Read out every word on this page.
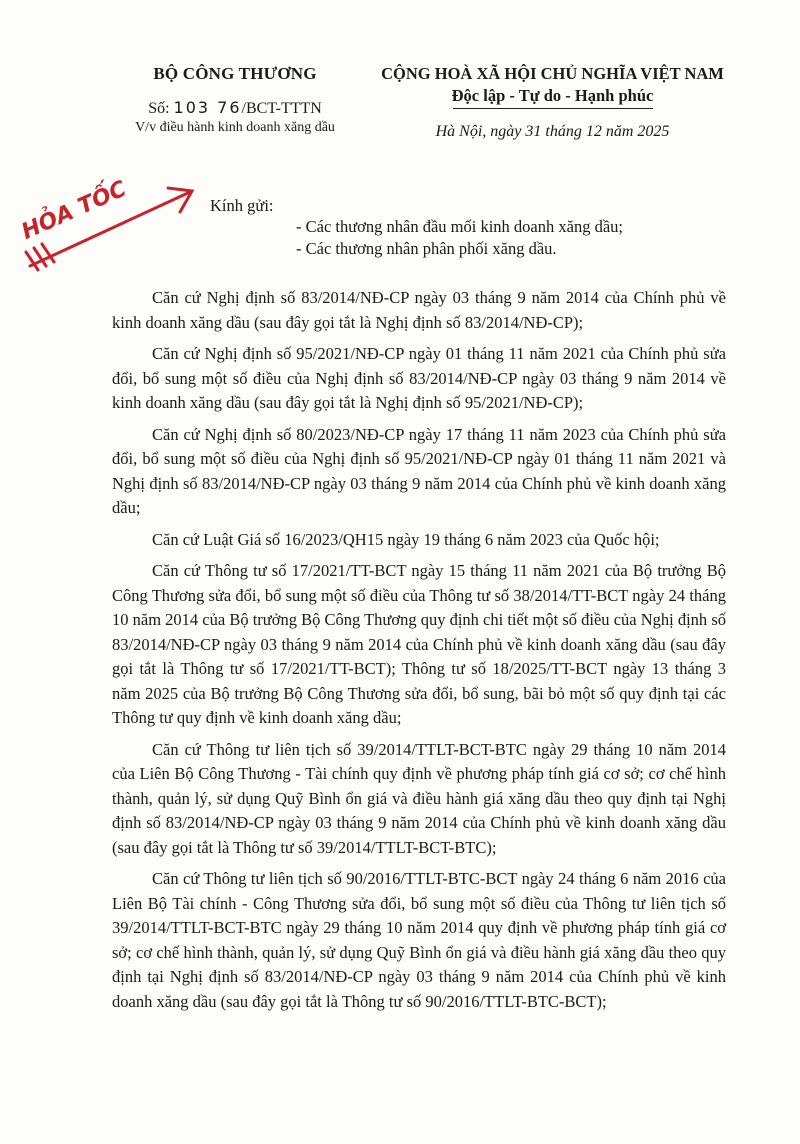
BỘ CÔNG THƯƠNG
Số: 103 76/BCT-TTTN
V/v điều hành kinh doanh xăng dầu
CỘNG HOÀ XÃ HỘI CHỦ NGHĨA VIỆT NAM
Độc lập - Tự do - Hạnh phúc
Hà Nội, ngày 31 tháng 12 năm 2025
HỎA TỐC	Kính gửi:
- Các thương nhân đầu mối kinh doanh xăng dầu;
- Các thương nhân phân phối xăng dầu.

Căn cứ Nghị định số 83/2014/NĐ-CP ngày 03 tháng 9 năm 2014 của Chính phủ về kinh doanh xăng dầu (sau đây gọi tắt là Nghị định số 83/2014/NĐ-CP);

Căn cứ Nghị định số 95/2021/NĐ-CP ngày 01 tháng 11 năm 2021 của Chính phủ sửa đổi, bổ sung một số điều của Nghị định số 83/2014/NĐ-CP ngày 03 tháng 9 năm 2014 về kinh doanh xăng dầu (sau đây gọi tắt là Nghị định số 95/2021/NĐ-CP);

Căn cứ Nghị định số 80/2023/NĐ-CP ngày 17 tháng 11 năm 2023 của Chính phủ sửa đổi, bổ sung một số điều của Nghị định số 95/2021/NĐ-CP ngày 01 tháng 11 năm 2021 và Nghị định số 83/2014/NĐ-CP ngày 03 tháng 9 năm 2014 của Chính phủ về kinh doanh xăng dầu;

Căn cứ Luật Giá số 16/2023/QH15 ngày 19 tháng 6 năm 2023 của Quốc hội;

Căn cứ Thông tư số 17/2021/TT-BCT ngày 15 tháng 11 năm 2021 của Bộ trưởng Bộ Công Thương sửa đổi, bổ sung một số điều của Thông tư số 38/2014/TT-BCT ngày 24 tháng 10 năm 2014 của Bộ trưởng Bộ Công Thương quy định chi tiết một số điều của Nghị định số 83/2014/NĐ-CP ngày 03 tháng 9 năm 2014 của Chính phủ về kinh doanh xăng dầu (sau đây gọi tắt là Thông tư số 17/2021/TT-BCT); Thông tư số 18/2025/TT-BCT ngày 13 tháng 3 năm 2025 của Bộ trưởng Bộ Công Thương sửa đổi, bổ sung, bãi bỏ một số quy định tại các Thông tư quy định về kinh doanh xăng dầu;

Căn cứ Thông tư liên tịch số 39/2014/TTLT-BCT-BTC ngày 29 tháng 10 năm 2014 của Liên Bộ Công Thương - Tài chính quy định về phương pháp tính giá cơ sở; cơ chế hình thành, quản lý, sử dụng Quỹ Bình ổn giá và điều hành giá xăng dầu theo quy định tại Nghị định số 83/2014/NĐ-CP ngày 03 tháng 9 năm 2014 của Chính phủ về kinh doanh xăng dầu (sau đây gọi tắt là Thông tư số 39/2014/TTLT-BCT-BTC);

Căn cứ Thông tư liên tịch số 90/2016/TTLT-BTC-BCT ngày 24 tháng 6 năm 2016 của Liên Bộ Tài chính - Công Thương sửa đổi, bổ sung một số điều của Thông tư liên tịch số 39/2014/TTLT-BCT-BTC ngày 29 tháng 10 năm 2014 quy định về phương pháp tính giá cơ sở; cơ chế hình thành, quản lý, sử dụng Quỹ Bình ổn giá và điều hành giá xăng dầu theo quy định tại Nghị định số 83/2014/NĐ-CP ngày 03 tháng 9 năm 2014 của Chính phủ về kinh doanh xăng dầu (sau đây gọi tắt là Thông tư số 90/2016/TTLT-BTC-BCT);
